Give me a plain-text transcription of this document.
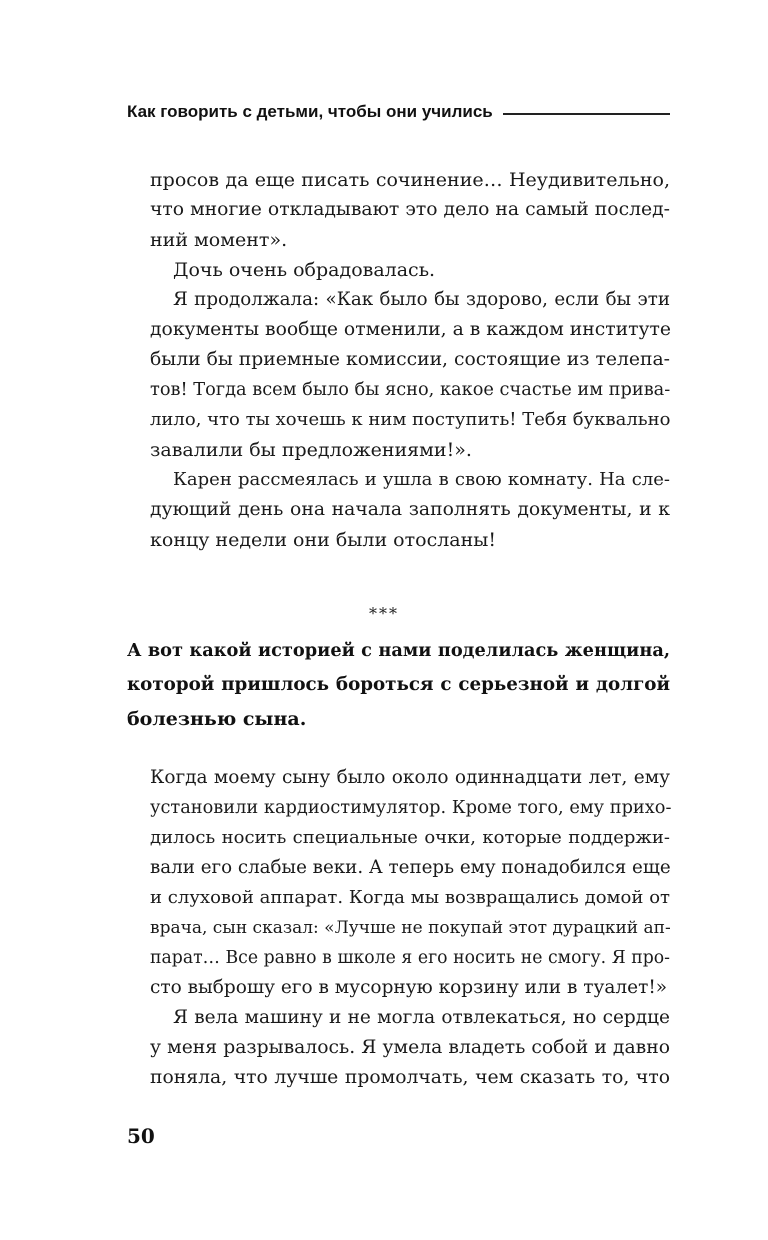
Как говорить с детьми, чтобы они учились
просов да еще писать сочинение… Неудивительно,
что многие откладывают это дело на самый послед-
ний момент».
Дочь очень обрадовалась.
Я продолжала: «Как было бы здорово, если бы эти
документы вообще отменили, а в каждом институте
были бы приемные комиссии, состоящие из телепа-
тов! Тогда всем было бы ясно, какое счастье им прива-
лило, что ты хочешь к ним поступить! Тебя буквально
завалили бы предложениями!».
Карен рассмеялась и ушла в свою комнату. На сле-
дующий день она начала заполнять документы, и к
концу недели они были отосланы!
***
А вот какой историей с нами поделилась женщина,
которой пришлось бороться с серьезной и долгой
болезнью сына.
Когда моему сыну было около одиннадцати лет, ему
установили кардиостимулятор. Кроме того, ему прихо-
дилось носить специальные очки, которые поддержи-
вали его слабые веки. А теперь ему понадобился еще
и слуховой аппарат. Когда мы возвращались домой от
врача, сын сказал: «Лучше не покупай этот дурацкий ап-
парат… Все равно в школе я его носить не смогу. Я про-
сто выброшу его в мусорную корзину или в туалет!»
Я вела машину и не могла отвлекаться, но сердце
у меня разрывалось. Я умела владеть собой и давно
поняла, что лучше промолчать, чем сказать то, что
50
